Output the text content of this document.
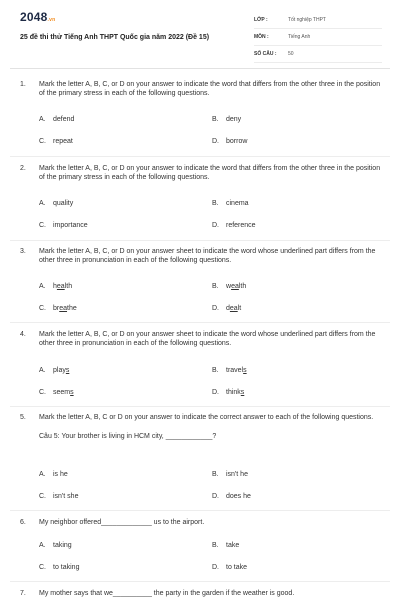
2048.vn
25 đề thi thử Tiếng Anh THPT Quốc gia năm 2022 (Đề 15)
LỚP :	Tốt nghiệp THPT
MÔN :	Tiếng Anh
SỐ CÂU :	50
1. Mark the letter A, B, C, or D on your answer to indicate the word that differs from the other three in the position of the primary stress in each of the following questions.
A. defend	B. deny
C. repeat	D. borrow
2. Mark the letter A, B, C, or D on your answer to indicate the word that differs from the other three in the position of the primary stress in each of the following questions.
A. quality	B. cinema
C. importance	D. reference
3. Mark the letter A, B, C, or D on your answer sheet to indicate the word whose underlined part differs from the other three in pronunciation in each of the following questions.
A. health	B. wealth
C. breathe	D. dealt
4. Mark the letter A, B, C, or D on your answer sheet to indicate the word whose underlined part differs from the other three in pronunciation in each of the following questions.
A. plays	B. travels
C. seems	D. thinks
5. Mark the letter A, B, C or D on your answer to indicate the correct answer to each of the following questions.
Câu 5: Your brother is living in HCM city, ____________?
A. is he	B. isn't he
C. isn't she	D. does he
6. My neighbor offered_____________ us to the airport.
A. taking	B. take
C. to taking	D. to take
7. My mother says that we__________ the party in the garden if the weather is good.
